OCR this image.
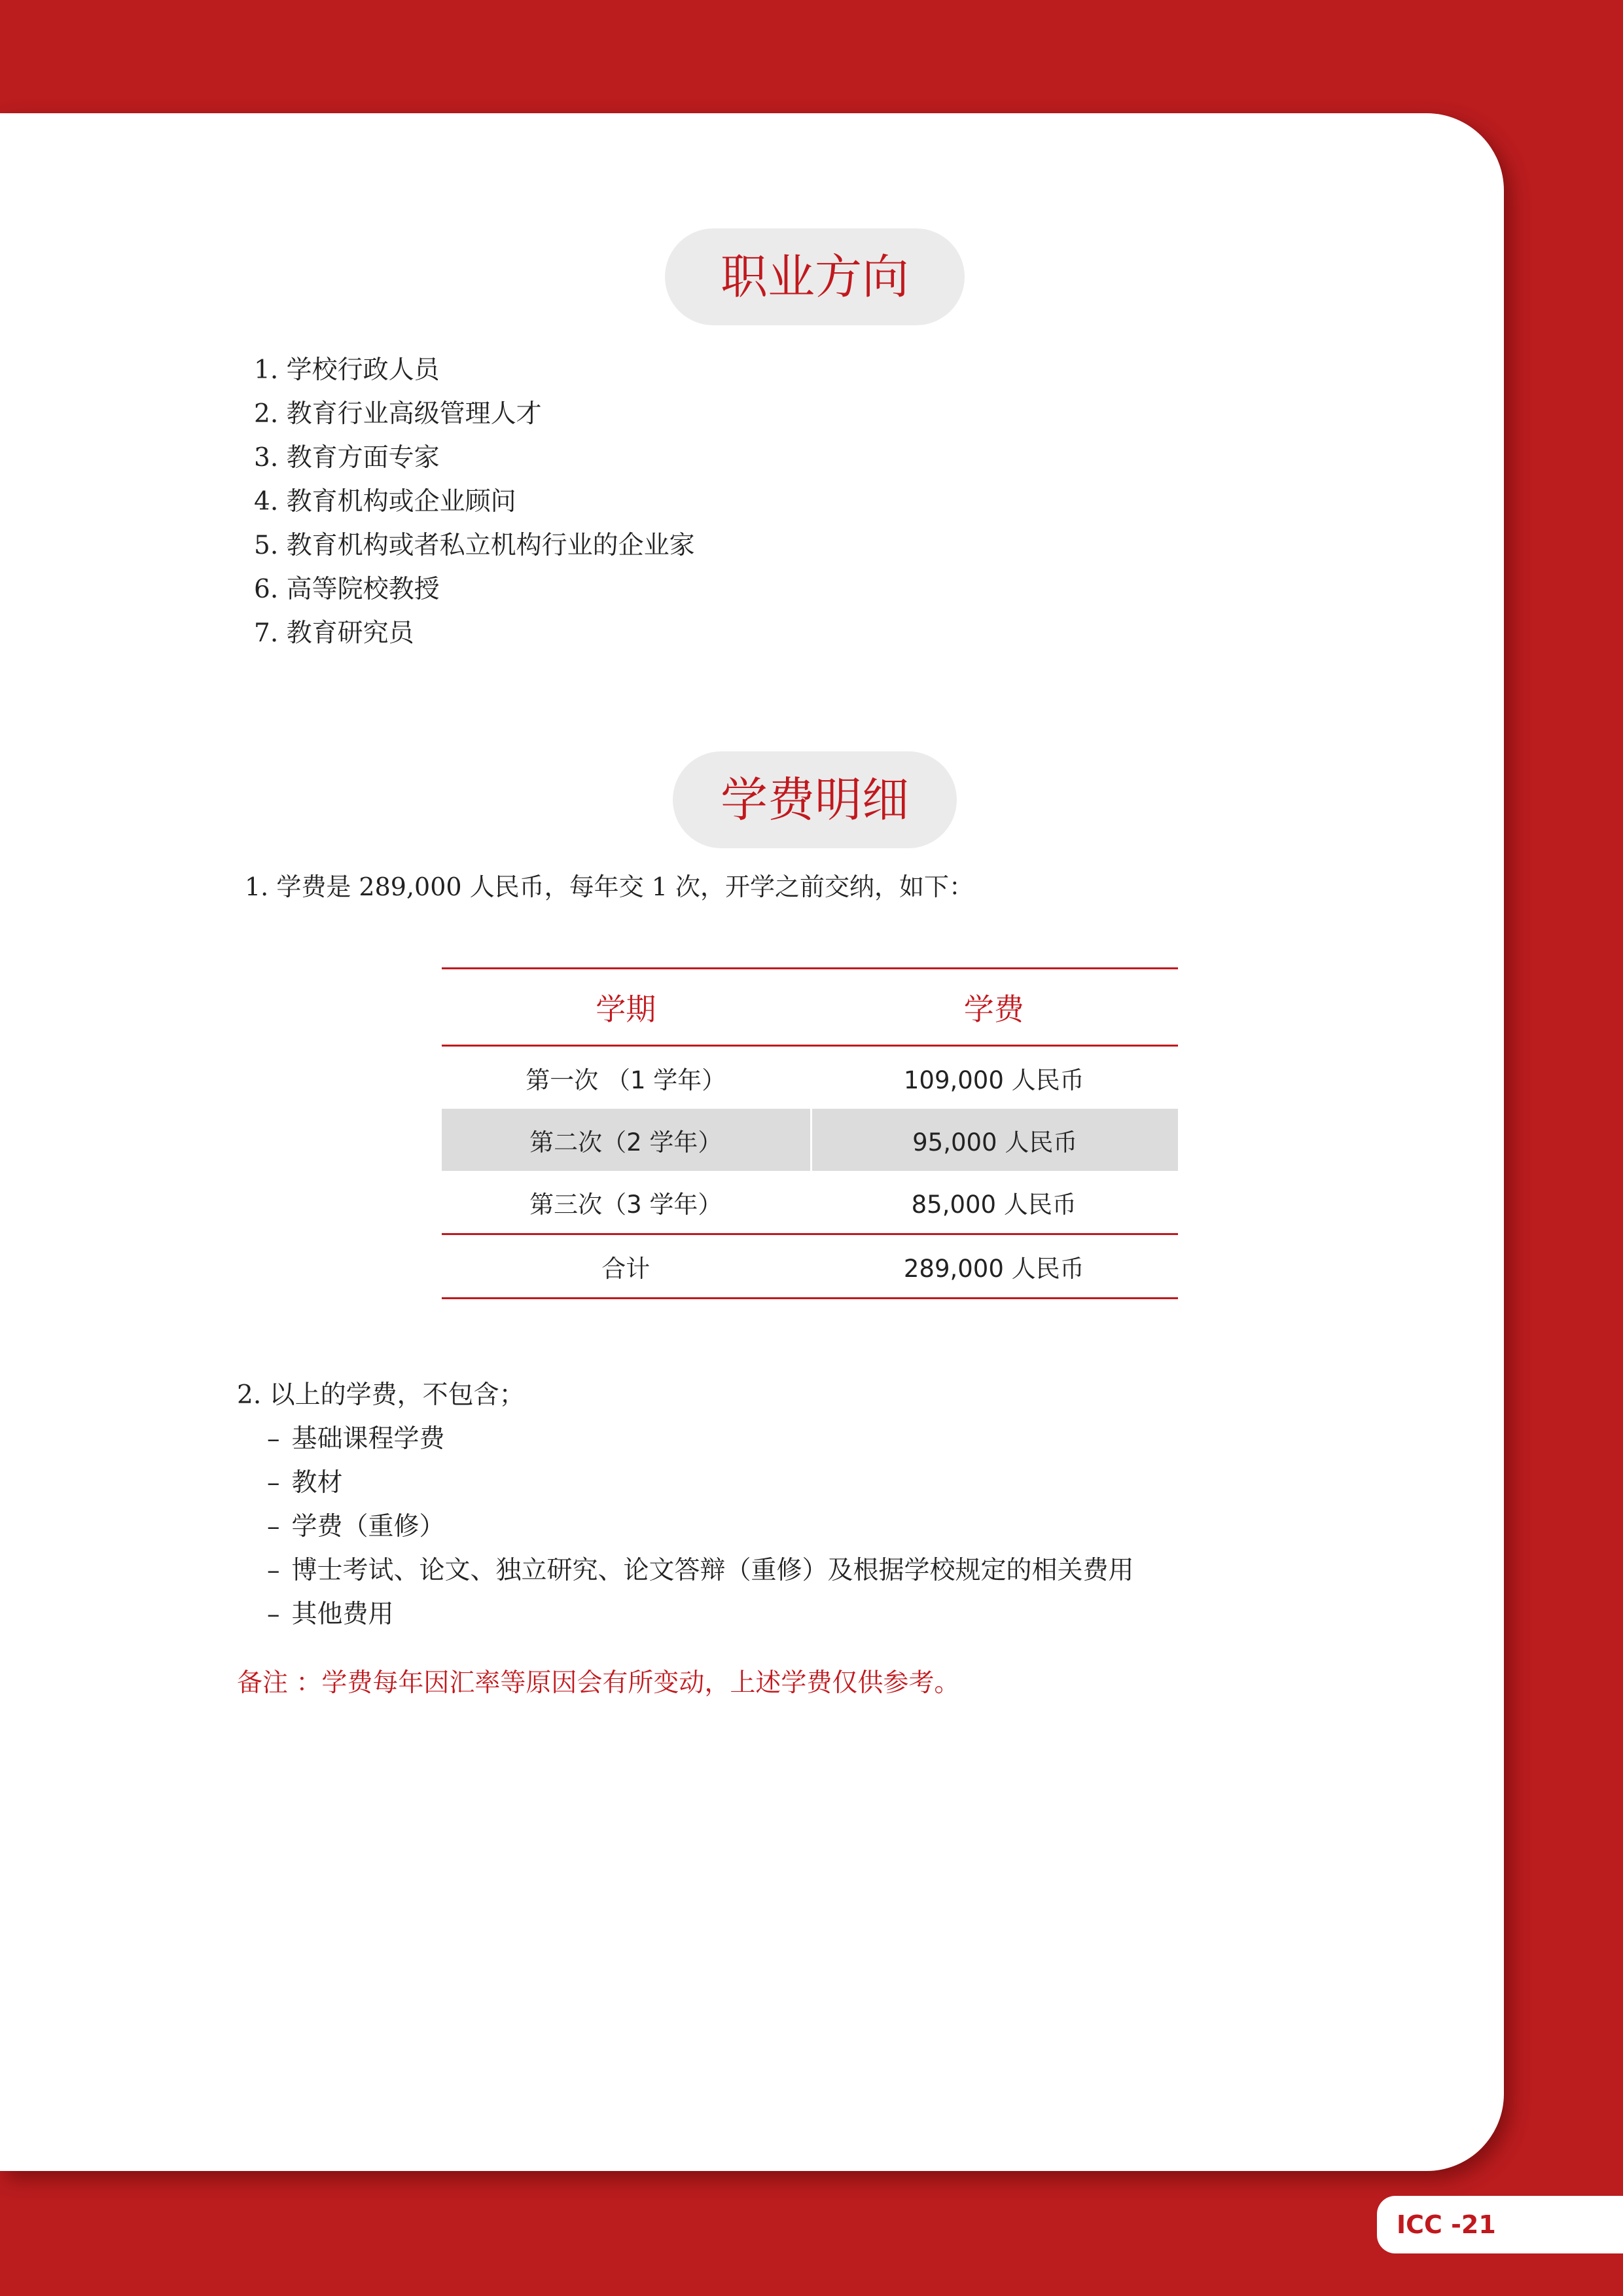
职业方向
1. 学校行政人员
2. 教育行业高级管理人才
3. 教育方面专家
4. 教育机构或企业顾问
5. 教育机构或者私立机构行业的企业家
6. 高等院校教授
7. 教育研究员
学费明细
1. 学费是 289,000 人民币，每年交 1 次，开学之前交纳，如下：
学期	学费
第一次 （1 学年）	109,000 人民币
第二次（2 学年）	95,000 人民币
第三次（3 学年）	85,000 人民币
合计	289,000 人民币
2. 以上的学费，不包含；
– 基础课程学费
– 教材
– 学费（重修）
– 博士考试、论文、独立研究、论文答辩（重修）及根据学校规定的相关费用
– 其他费用
备注 ：学费每年因汇率等原因会有所变动，上述学费仅供参考。
ICC -21
